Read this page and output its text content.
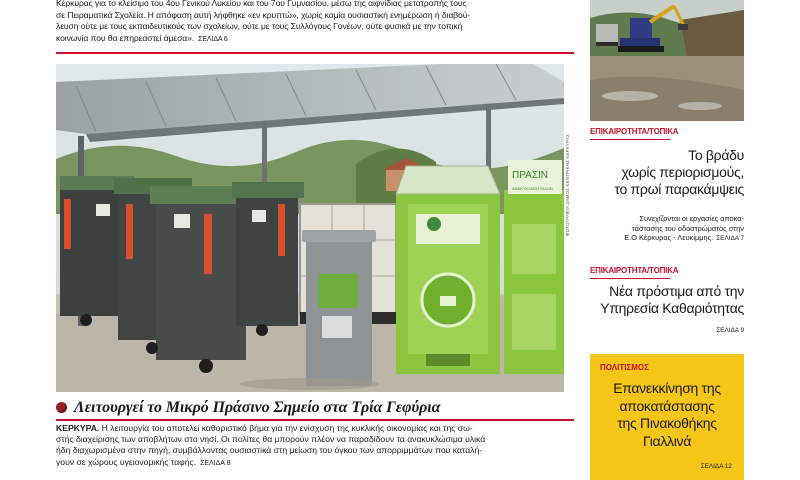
Κέρκυρας για το κλείσιμο του 4ου Γενικού Λυκείου και του 7ου Γυμνασίου, μέσω της αιφνίδιας μετατροπής τους

σε Πειραματικά Σχολεία. Η απόφαση αυτή λήφθηκε «εν κρυπτώ», χωρίς καμία ουσιαστική ενημέρωση ή διαβού-

λευση ούτε με τους εκπαιδευτικούς των σχολείων, ούτε με τους Συλλόγους Γονέων, ούτε φυσικά με την τοπική

κοινωνία που θα επηρεαστεί άμεσα». ΣΕΛΙΔΑ 6

ΠΡΑΣΙΝ
ΑΝΑΚΥΚΛΩΣΗ ΕΙΔΩΝ	ΦΩΤΟΓΡΑΦΙΑ ΔΗΜΟΣ ΚΕΝΤΡΙΚΗΣ ΚΕΡΚΥΡΑΣ
Λειτουργεί το Μικρό Πράσινο Σημείο στα Τρία Γεφύρια

ΚΕΡΚΥΡΑ. Η λειτουργία του αποτελεί καθοριστικό βήμα για την ενίσχυση της κυκλικής οικονομίας και της σω-

στής διαχείρισης των αποβλήτων στο νησί. Οι πολίτες θα μπορούν πλέον να παραδίδουν τα ανακυκλώσιμα υλικά

ήδη διαχωρισμένα στην πηγή, συμβάλλοντας ουσιαστικά στη μείωση του όγκου των απορριμμάτων που καταλή-

γουν σε χώρους υγειονομικής ταφής. ΣΕΛΙΔΑ 8

ΕΠΙΚΑΙΡΟΤΗΤΑ/ΤΟΠΙΚΑ
Το βράδυ
χωρίς περιορισμούς,
το πρωί παρακάμψεις
Συνεχίζονται οι εργασίες αποκα-
τάστασης του οδοστρώματος στην
Ε.Ο Κέρκυρας - Λευκίμμης. ΣΕΛΙΔΑ 7
ΕΠΙΚΑΙΡΟΤΗΤΑ/ΤΟΠΙΚΑ
Νέα πρόστιμα από την
Υπηρεσία Καθαριότητας
ΣΕΛΙΔΑ 9
ΠΟΛΙΤΙΣΜΟΣ
Επανεκκίνηση της
αποκατάστασης
της Πινακοθήκης
Γιαλλινά
ΣΕΛΙΔΑ 12
